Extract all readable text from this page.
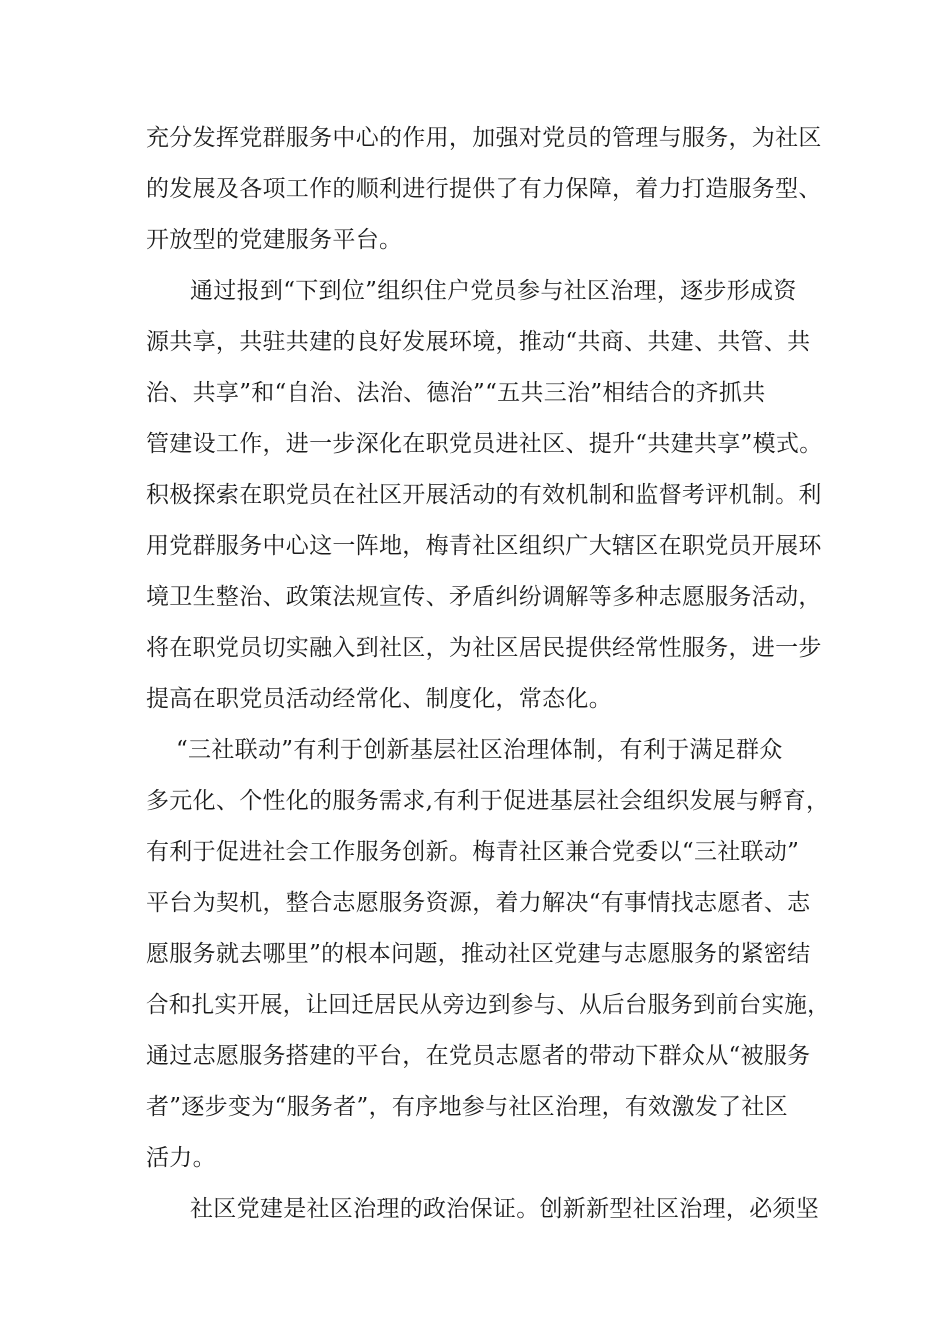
充分发挥党群服务中心的作用，加强对党员的管理与服务，为社区

的发展及各项工作的顺利进行提供了有力保障，着力打造服务型、

开放型的党建服务平台。

通过报到“下到位”组织住户党员参与社区治理，逐步形成资

源共享，共驻共建的良好发展环境，推动“共商、共建、共管、共

治、共享”和“自治、法治、德治”“五共三治”相结合的齐抓共

管建设工作，进一步深化在职党员进社区、提升“共建共享”模式。

积极探索在职党员在社区开展活动的有效机制和监督考评机制。利

用党群服务中心这一阵地，梅青社区组织广大辖区在职党员开展环

境卫生整治、政策法规宣传、矛盾纠纷调解等多种志愿服务活动，

将在职党员切实融入到社区，为社区居民提供经常性服务，进一步

提高在职党员活动经常化、制度化，常态化。

“三社联动”有利于创新基层社区治理体制，有利于满足群众

多元化、个性化的服务需求,有利于促进基层社会组织发展与孵育，

有利于促进社会工作服务创新。梅青社区兼合党委以“三社联动”

平台为契机，整合志愿服务资源，着力解决“有事情找志愿者、志

愿服务就去哪里”的根本问题，推动社区党建与志愿服务的紧密结

合和扎实开展，让回迁居民从旁边到参与、从后台服务到前台实施，

通过志愿服务搭建的平台，在党员志愿者的带动下群众从“被服务

者”逐步变为“服务者”，有序地参与社区治理，有效激发了社区

活力。

社区党建是社区治理的政治保证。创新新型社区治理，必须坚
